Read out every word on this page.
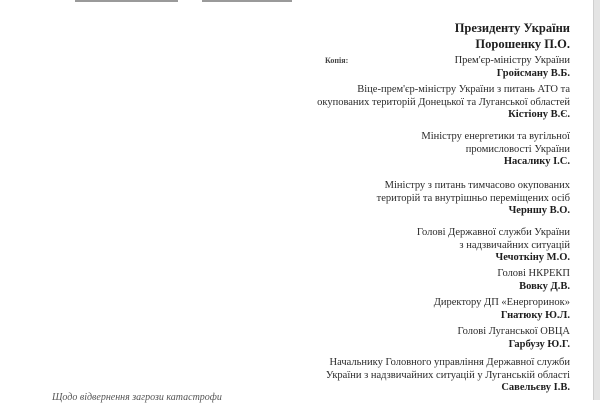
Президенту України
Порошенку П.О.
Копія:	Прем'єр-міністру України
Гройсману В.Б.
Віце-прем'єр-міністру України з питань АТО та
окупованих територій Донецької та Луганської областей
Кістіону В.Є.
Міністру енергетики та вугільної
промисловості України
Насалику І.С.
Міністру з питань тимчасово окупованих
територій та внутрішньо переміщених осіб
Черншу В.О.
Голові Державної служби України
з надзвичайних ситуацій
Чечоткіну М.О.
Голові НКРЕКП
Вовку Д.В.
Директору ДП «Енергоринок»
Гнатюку Ю.Л.
Голові Луганської ОВЦА
Гарбузу Ю.Г.
Начальнику Головного управління Державної служби
України з надзвичайних ситуацій у Луганській області
Савельєву І.В.
Щодо відвернення загрози катастрофи
